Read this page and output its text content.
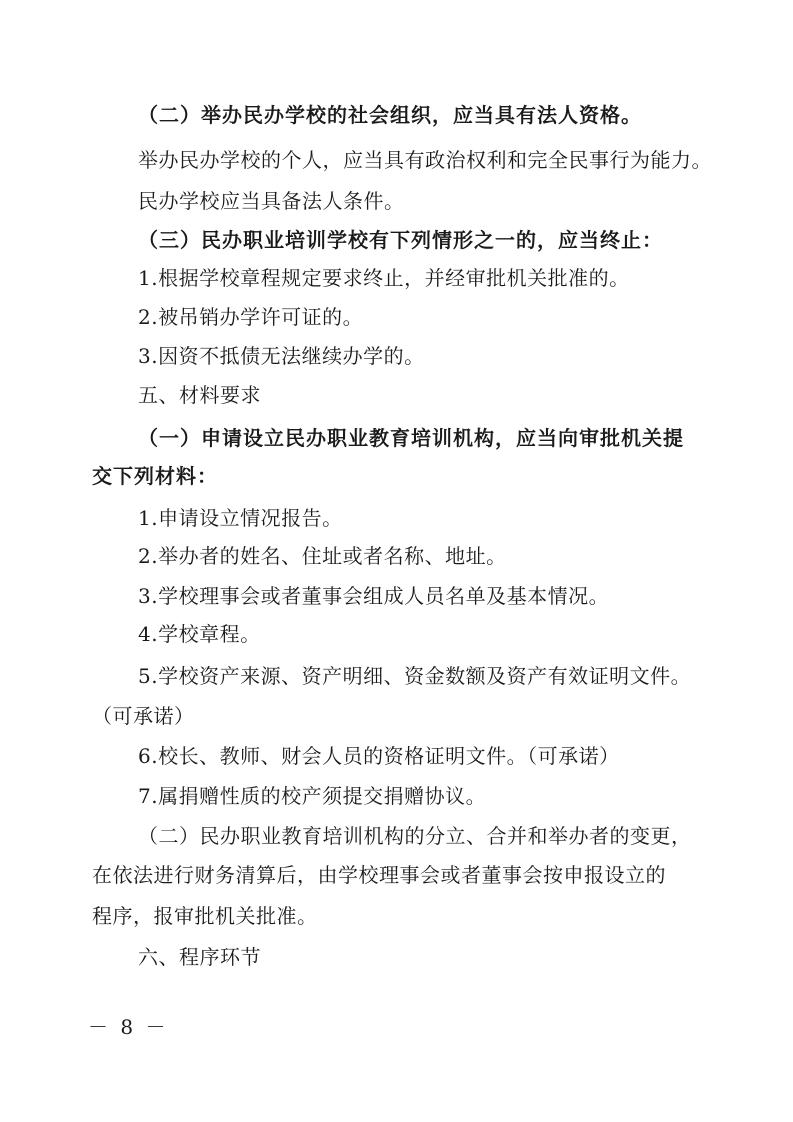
（二）举办民办学校的社会组织，应当具有法人资格。
举办民办学校的个人，应当具有政治权利和完全民事行为能力。
民办学校应当具备法人条件。
（三）民办职业培训学校有下列情形之一的，应当终止：
1.根据学校章程规定要求终止，并经审批机关批准的。
2.被吊销办学许可证的。
3.因资不抵债无法继续办学的。
五、材料要求
（一）申请设立民办职业教育培训机构，应当向审批机关提
交下列材料：
1.申请设立情况报告。
2.举办者的姓名、住址或者名称、地址。
3.学校理事会或者董事会组成人员名单及基本情况。
4.学校章程。
5.学校资产来源、资产明细、资金数额及资产有效证明文件。
（可承诺）
6.校长、教师、财会人员的资格证明文件。（可承诺）
7.属捐赠性质的校产须提交捐赠协议。
（二）民办职业教育培训机构的分立、合并和举办者的变更，
在依法进行财务清算后，由学校理事会或者董事会按申报设立的
程序，报审批机关批准。
六、程序环节
－ 8 －
